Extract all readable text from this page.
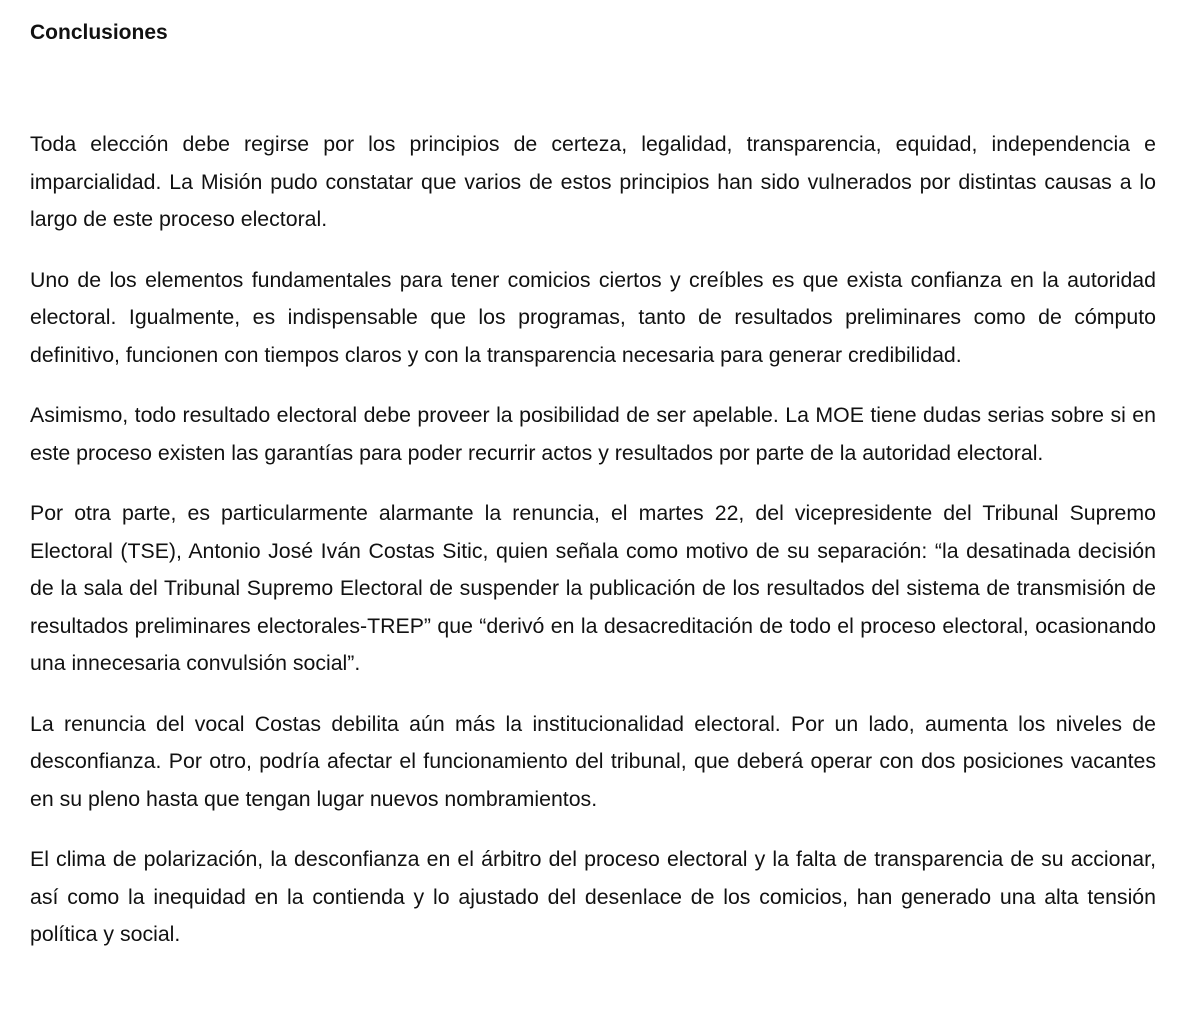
Conclusiones

Toda elección debe regirse por los principios de certeza, legalidad, transparencia, equidad, independencia e imparcialidad. La Misión pudo constatar que varios de estos principios han sido vulnerados por distintas causas a lo largo de este proceso electoral.

Uno de los elementos fundamentales para tener comicios ciertos y creíbles es que exista confianza en la autoridad electoral. Igualmente, es indispensable que los programas, tanto de resultados preliminares como de cómputo definitivo, funcionen con tiempos claros y con la transparencia necesaria para generar credibilidad.

Asimismo, todo resultado electoral debe proveer la posibilidad de ser apelable. La MOE tiene dudas serias sobre si en este proceso existen las garantías para poder recurrir actos y resultados por parte de la autoridad electoral.

Por otra parte, es particularmente alarmante la renuncia, el martes 22, del vicepresidente del Tribunal Supremo Electoral (TSE), Antonio José Iván Costas Sitic, quien señala como motivo de su separación: “la desatinada decisión de la sala del Tribunal Supremo Electoral de suspender la publicación de los resultados del sistema de transmisión de resultados preliminares electorales-TREP” que “derivó en la desacreditación de todo el proceso electoral, ocasionando una innecesaria convulsión social”.

La renuncia del vocal Costas debilita aún más la institucionalidad electoral. Por un lado, aumenta los niveles de desconfianza. Por otro, podría afectar el funcionamiento del tribunal, que deberá operar con dos posiciones vacantes en su pleno hasta que tengan lugar nuevos nombramientos.

El clima de polarización, la desconfianza en el árbitro del proceso electoral y la falta de transparencia de su accionar, así como la inequidad en la contienda y lo ajustado del desenlace de los comicios, han generado una alta tensión política y social.
